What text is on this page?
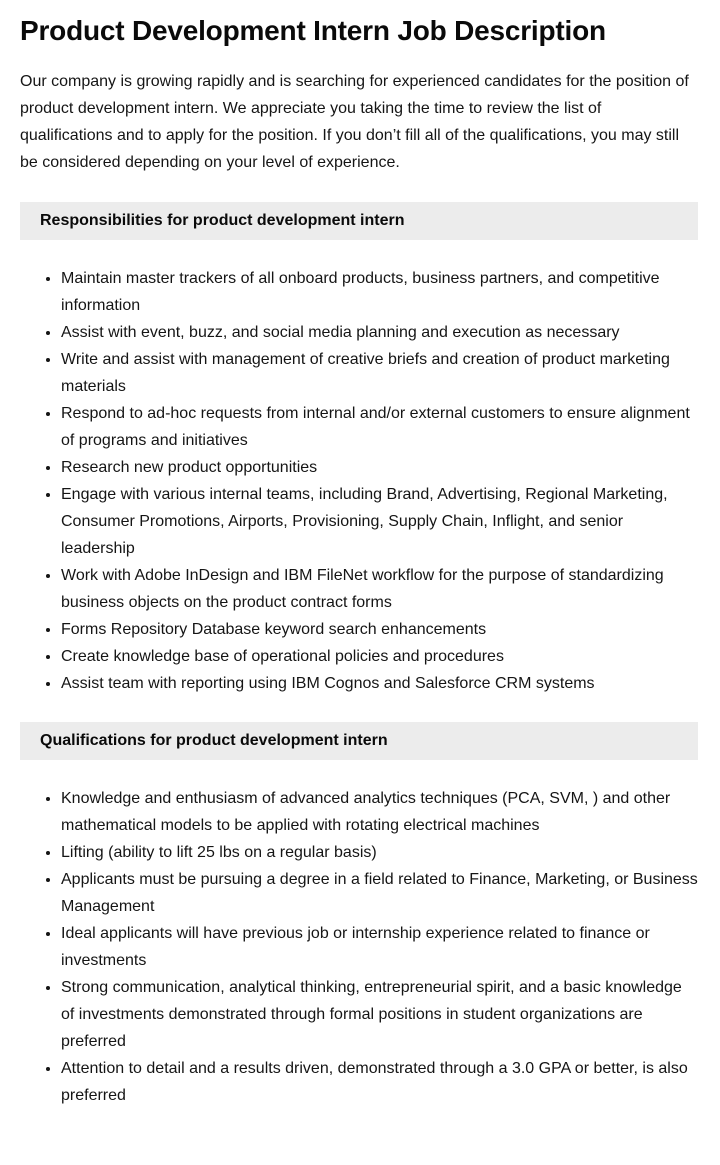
Product Development Intern Job Description

Our company is growing rapidly and is searching for experienced candidates for the position of product development intern. We appreciate you taking the time to review the list of qualifications and to apply for the position. If you don’t fill all of the qualifications, you may still be considered depending on your level of experience.

Responsibilities for product development intern
• Maintain master trackers of all onboard products, business partners, and competitive information
• Assist with event, buzz, and social media planning and execution as necessary
• Write and assist with management of creative briefs and creation of product marketing materials
• Respond to ad-hoc requests from internal and/or external customers to ensure alignment of programs and initiatives
• Research new product opportunities
• Engage with various internal teams, including Brand, Advertising, Regional Marketing, Consumer Promotions, Airports, Provisioning, Supply Chain, Inflight, and senior leadership
• Work with Adobe InDesign and IBM FileNet workflow for the purpose of standardizing business objects on the product contract forms
• Forms Repository Database keyword search enhancements
• Create knowledge base of operational policies and procedures
• Assist team with reporting using IBM Cognos and Salesforce CRM systems
Qualifications for product development intern
• Knowledge and enthusiasm of advanced analytics techniques (PCA, SVM, ) and other mathematical models to be applied with rotating electrical machines
• Lifting (ability to lift 25 lbs on a regular basis)
• Applicants must be pursuing a degree in a field related to Finance, Marketing, or Business Management
• Ideal applicants will have previous job or internship experience related to finance or investments
• Strong communication, analytical thinking, entrepreneurial spirit, and a basic knowledge of investments demonstrated through formal positions in student organizations are preferred
• Attention to detail and a results driven, demonstrated through a 3.0 GPA or better, is also preferred
